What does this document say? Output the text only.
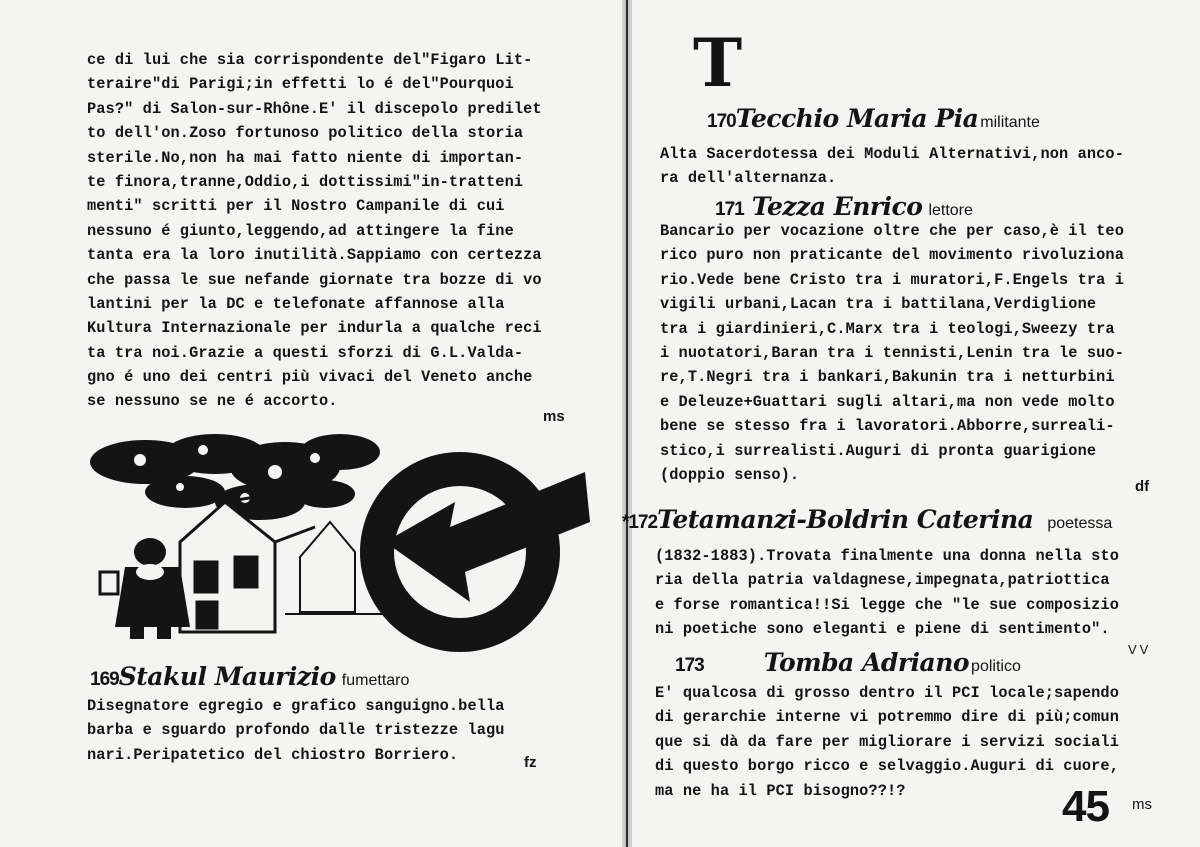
ce di lui che sia corrispondente del"Figaro Lit-
teraire"di Parigi;in effetti lo é del"Pourquoi
Pas?" di Salon-sur-Rhône.E' il discepolo predilet
to dell'on.Zoso fortunoso politico della storia
sterile.No,non ha mai fatto niente di importan-
te finora,tranne,Oddio,i dottissimi"in-tratteni
menti" scritti per il Nostro Campanile di cui
nessuno é giunto,leggendo,ad attingere la fine
tanta era la loro inutilità.Sappiamo con certezza
che passa le sue nefande giornate tra bozze di vo
lantini per la DC e telefonate affannose alla
Kultura Internazionale per indurla a qualche reci
ta tra noi.Grazie a questi sforzi di G.L.Valda-
gno é uno dei centri più vivaci del Veneto anche
se nessuno se ne é accorto.
ms
169 Stakul Maurizio fumettaro
Disegnatore egregio e grafico sanguigno.bella
barba e sguardo profondo dalle tristezze lagu
nari.Peripatetico del chiostro Borriero.	fz
T
170 Tecchio Maria Pia militante
Alta Sacerdotessa dei Moduli Alternativi,non anco-
ra dell'alternanza.
171 Tezza Enrico lettore
Bancario per vocazione oltre che per caso,è il teo
rico puro non praticante del movimento rivoluziona
rio.Vede bene Cristo tra i muratori,F.Engels tra i
vigili urbani,Lacan tra i battilana,Verdiglione
tra i giardinieri,C.Marx tra i teologi,Sweezy tra
i nuotatori,Baran tra i tennisti,Lenin tra le suo-
re,T.Negri tra i bankari,Bakunin tra i netturbini
e Deleuze+Guattari sugli altari,ma non vede molto
bene se stesso fra i lavoratori.Abborre,surreali-
stico,i surrealisti.Auguri di pronta guarigione
(doppio senso).
df
*172 Tetamanzi-Boldrin Caterina poetessa
(1832-1883).Trovata finalmente una donna nella sto
ria della patria valdagnese,impegnata,patriottica
e forse romantica!!Si legge che "le sue composizio
ni poetiche sono eleganti e piene di sentimento".
VV
173 Tomba Adriano politico
E' qualcosa di grosso dentro il PCI locale;sapendo
di gerarchie interne vi potremmo dire di più;comun
que si dà da fare per migliorare i servizi sociali
di questo borgo ricco e selvaggio.Auguri di cuore,
ma ne ha il PCI bisogno??!?	45 ms
